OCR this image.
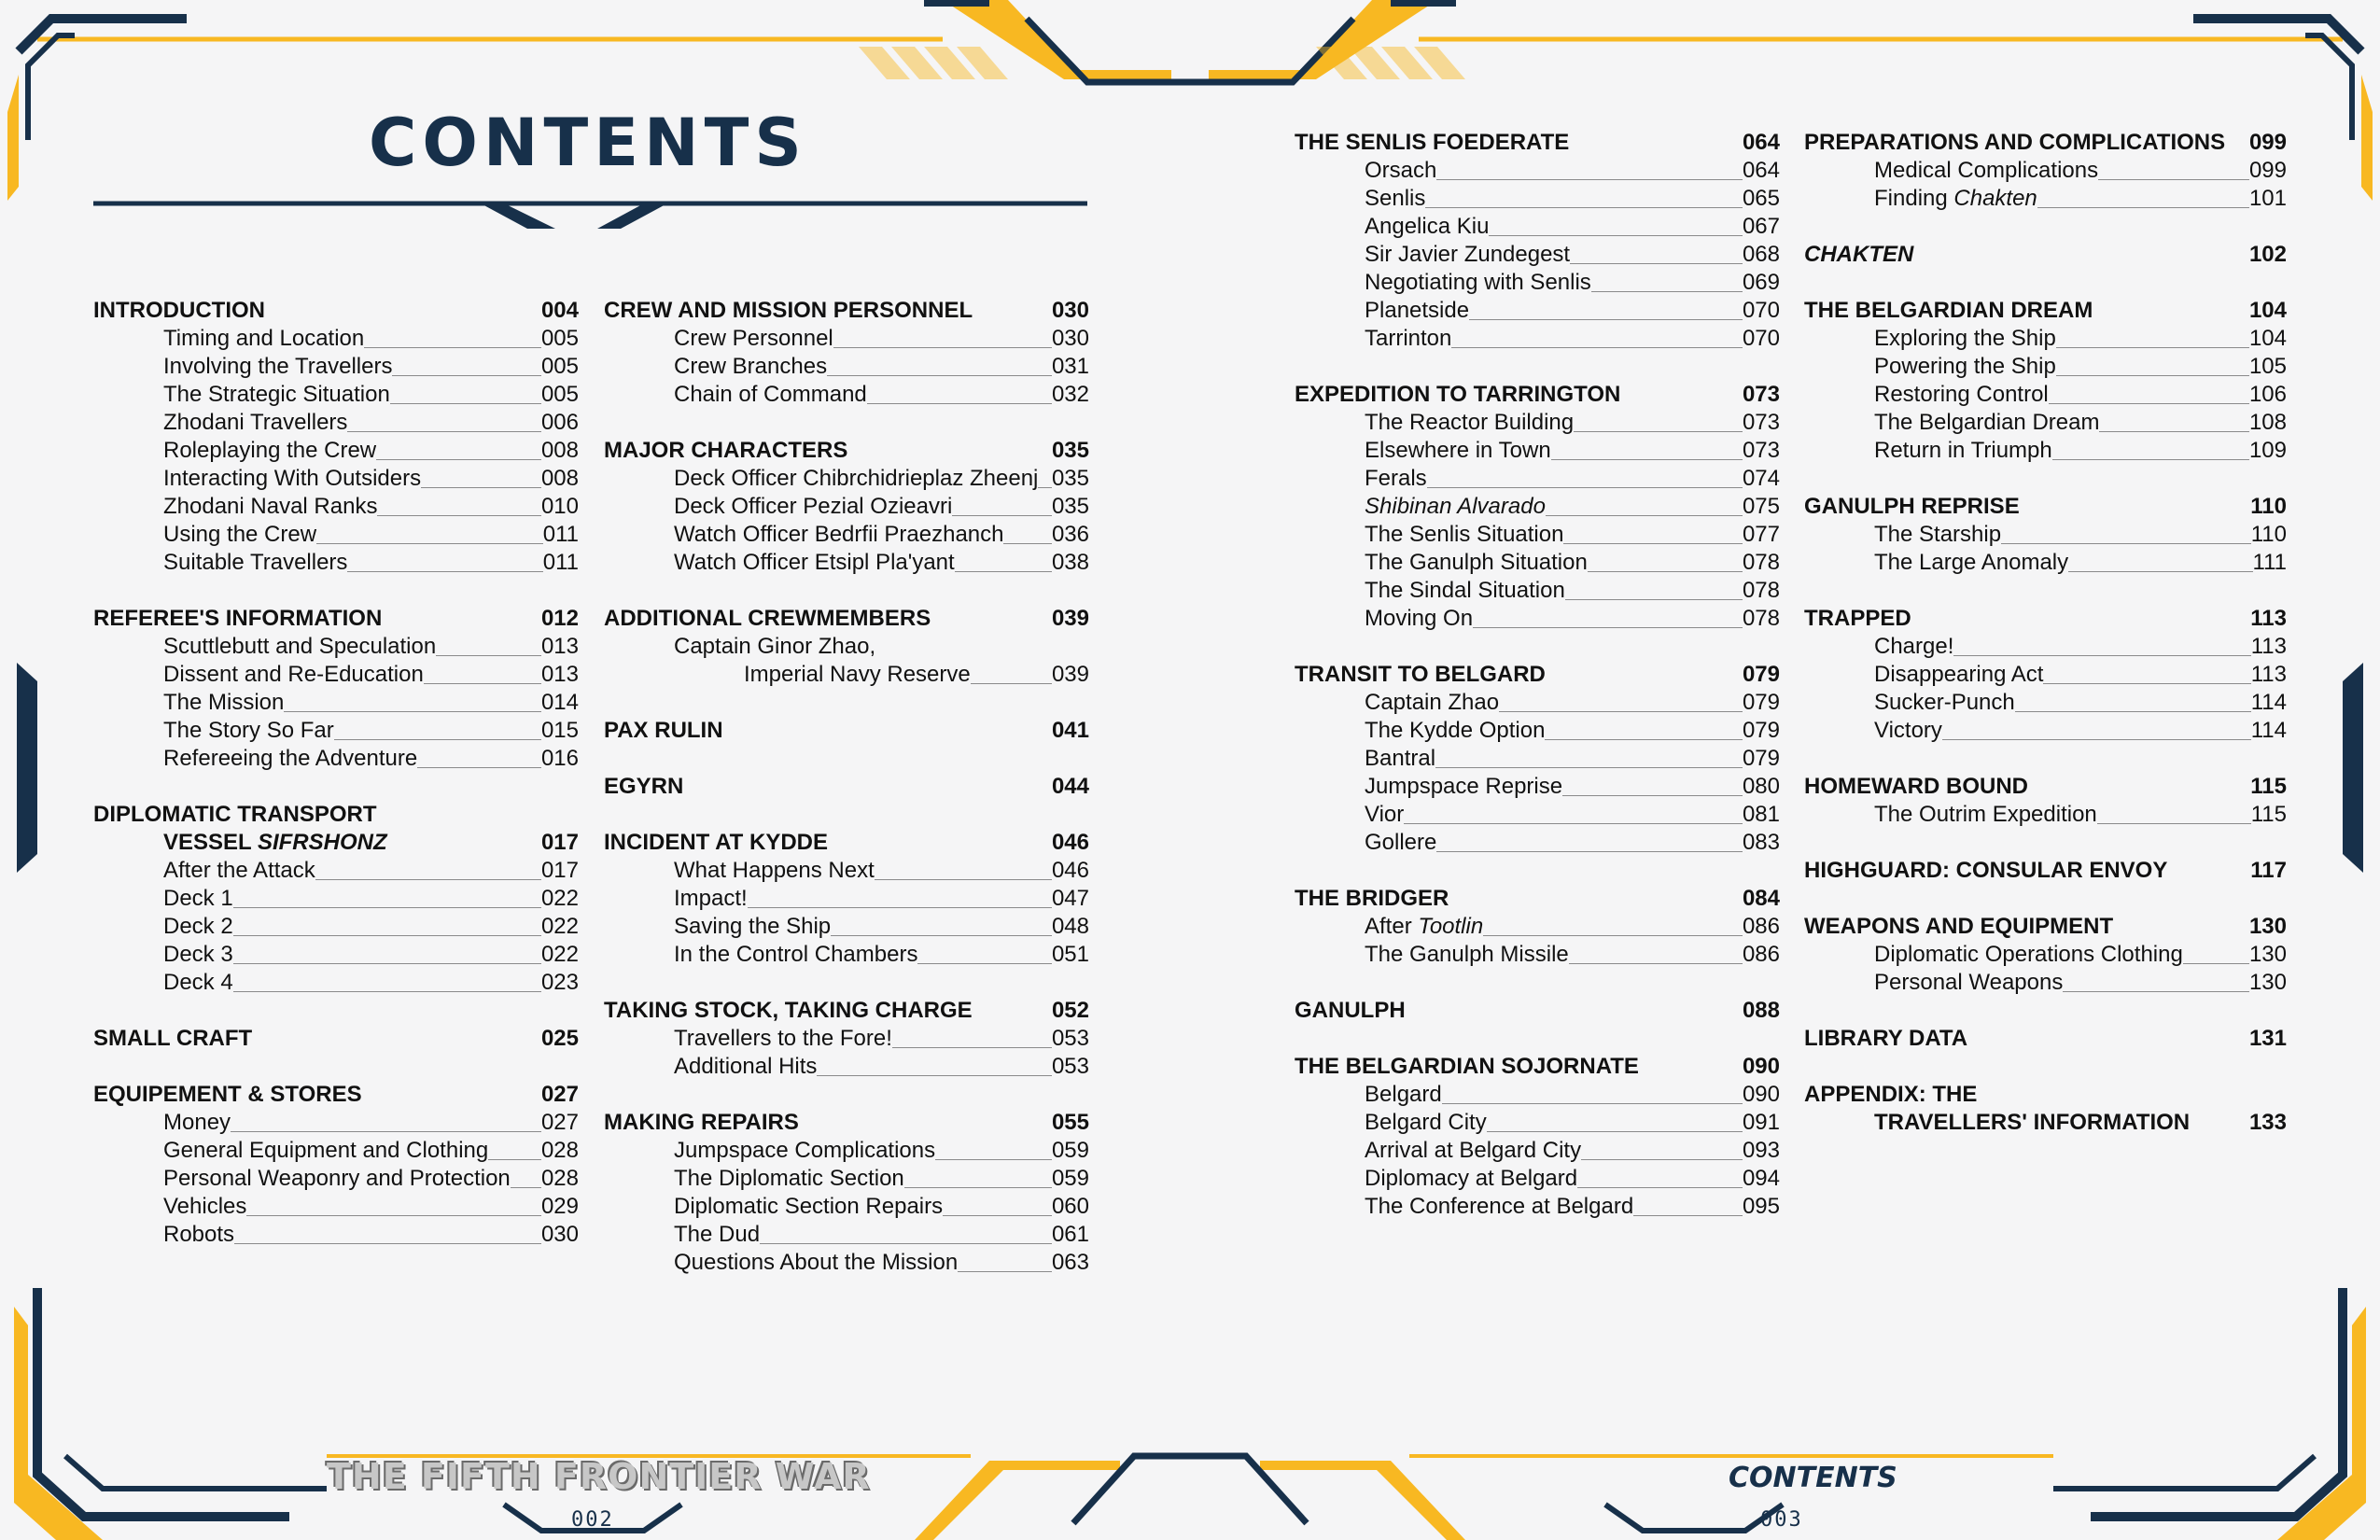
CONTENTS
INTRODUCTION	004
Timing and Location	005
Involving the Travellers	005
The Strategic Situation	005
Zhodani Travellers	006
Roleplaying the Crew	008
Interacting With Outsiders	008
Zhodani Naval Ranks	010
Using the Crew	011
Suitable Travellers	011
REFEREE'S INFORMATION	012
Scuttlebutt and Speculation	013
Dissent and Re-Education	013
The Mission	014
The Story So Far	015
Refereeing the Adventure	016
DIPLOMATIC TRANSPORT
VESSEL SIFRSHONZ	017
After the Attack	017
Deck 1	022
Deck 2	022
Deck 3	022
Deck 4	023
SMALL CRAFT	025
EQUIPEMENT & STORES	027
Money	027
General Equipment and Clothing 028
Personal Weaponry and Protection 028
Vehicles	029
Robots	030
CREW AND MISSION PERSONNEL	030
Crew Personnel	030
Crew Branches	031
Chain of Command	032
MAJOR CHARACTERS	035
Deck Officer Chibrchidrieplaz Zheenj 035
Deck Officer Pezial Ozieavri	035
Watch Officer Bedrfii Praezhanch 036
Watch Officer Etsipl Pla'yant	038
ADDITIONAL CREWMEMBERS	039
Captain Ginor Zhao,
Imperial Navy Reserve	039
PAX RULIN	041
EGYRN	044
INCIDENT AT KYDDE	046
What Happens Next	046
Impact!	047
Saving the Ship	048
In the Control Chambers	051
TAKING STOCK, TAKING CHARGE	052
Travellers to the Fore!	053
Additional Hits	053
MAKING REPAIRS	055
Jumpspace Complications	059
The Diplomatic Section	059
Diplomatic Section Repairs	060
The Dud	061
Questions About the Mission	063
THE SENLIS FOEDERATE	064
Orsach	064
Senlis	065
Angelica Kiu	067
Sir Javier Zundegest	068
Negotiating with Senlis	069
Planetside	070
Tarrinton	070
EXPEDITION TO TARRINGTON	073
The Reactor Building	073
Elsewhere in Town	073
Ferals	074
Shibinan Alvarado	075
The Senlis Situation	077
The Ganulph Situation	078
The Sindal Situation	078
Moving On	078
TRANSIT TO BELGARD	079
Captain Zhao	079
The Kydde Option	079
Bantral	079
Jumpspace Reprise	080
Vior	081
Gollere	083
THE BRIDGER	084
After Tootlin	086
The Ganulph Missile	086
GANULPH	088
THE BELGARDIAN SOJORNATE	090
Belgard	090
Belgard City	091
Arrival at Belgard City	093
Diplomacy at Belgard	094
The Conference at Belgard	095
PREPARATIONS AND COMPLICATIONS 099
Medical Complications	099
Finding Chakten	101
CHAKTEN	102
THE BELGARDIAN DREAM	104
Exploring the Ship	104
Powering the Ship	105
Restoring Control	106
The Belgardian Dream	108
Return in Triumph	109
GANULPH REPRISE	110
The Starship	110
The Large Anomaly	111
TRAPPED	113
Charge!	113
Disappearing Act	113
Sucker-Punch	114
Victory	114
HOMEWARD BOUND	115
The Outrim Expedition	115
HIGHGUARD: CONSULAR ENVOY	117
WEAPONS AND EQUIPMENT	130
Diplomatic Operations Clothing	130
Personal Weapons	130
LIBRARY DATA	131
APPENDIX: THE
TRAVELLERS' INFORMATION	133
THE FIFTH FRONTIER WAR
002
CONTENTS
003
